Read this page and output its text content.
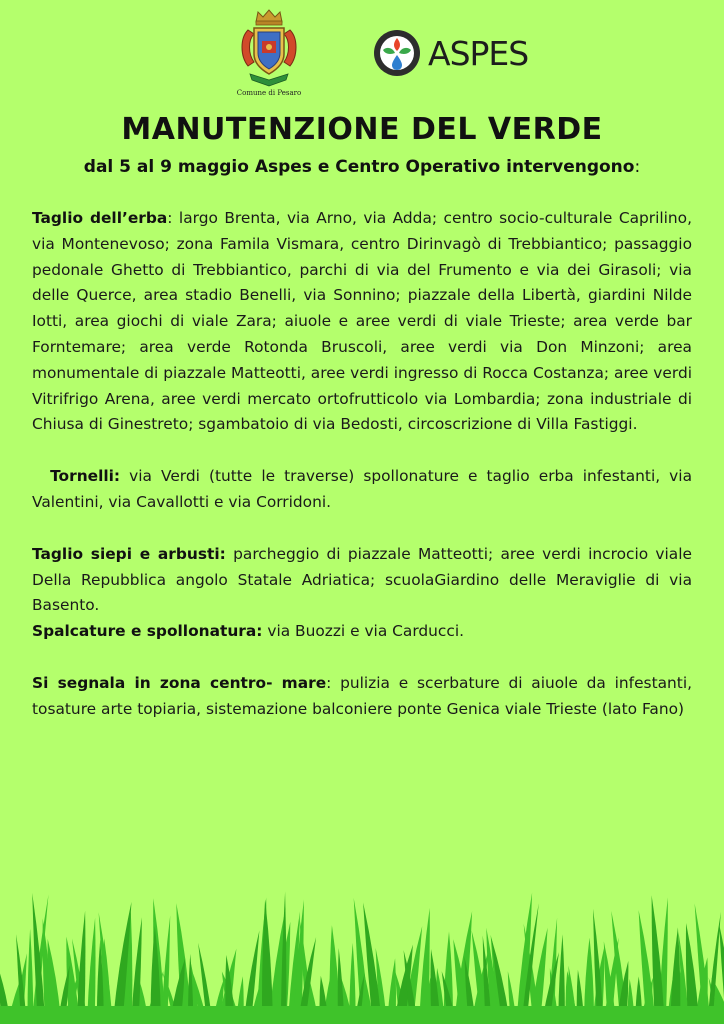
Comune di Pesaro
ASPES
MANUTENZIONE DEL VERDE
dal 5 al 9 maggio Aspes e Centro Operativo intervengono:

Taglio dell’erba: largo Brenta, via Arno, via Adda; centro socio-culturale Caprilino, via Montenevoso; zona Famila Vismara, centro Dirinvagò di Trebbiantico; passaggio pedonale Ghetto di Trebbiantico, parchi di via del Frumento e via dei Girasoli; via delle Querce, area stadio Benelli, via Sonnino; piazzale della Libertà, giardini Nilde Iotti, area giochi di viale Zara; aiuole e aree verdi di viale Trieste; area verde bar Forntemare; area verde Rotonda Bruscoli, aree verdi via Don Minzoni; area monumentale di piazzale Matteotti, aree verdi ingresso di Rocca Costanza; aree verdi Vitrifrigo Arena, aree verdi mercato ortofrutticolo via Lombardia; zona industriale di Chiusa di Ginestreto; sgambatoio di via Bedosti, circoscrizione di Villa Fastiggi.

Tornelli: via Verdi (tutte le traverse) spollonature e taglio erba infestanti, via Valentini, via Cavallotti e via Corridoni.

Taglio siepi e arbusti: parcheggio di piazzale Matteotti; aree verdi incrocio viale Della Repubblica angolo Statale Adriatica; scuolaGiardino delle Meraviglie di via Basento.

Spalcature e spollonatura: via Buozzi e via Carducci.

Si segnala in zona centro- mare: pulizia e scerbature di aiuole da infestanti, tosature arte topiaria, sistemazione balconiere ponte Genica viale Trieste (lato Fano)
